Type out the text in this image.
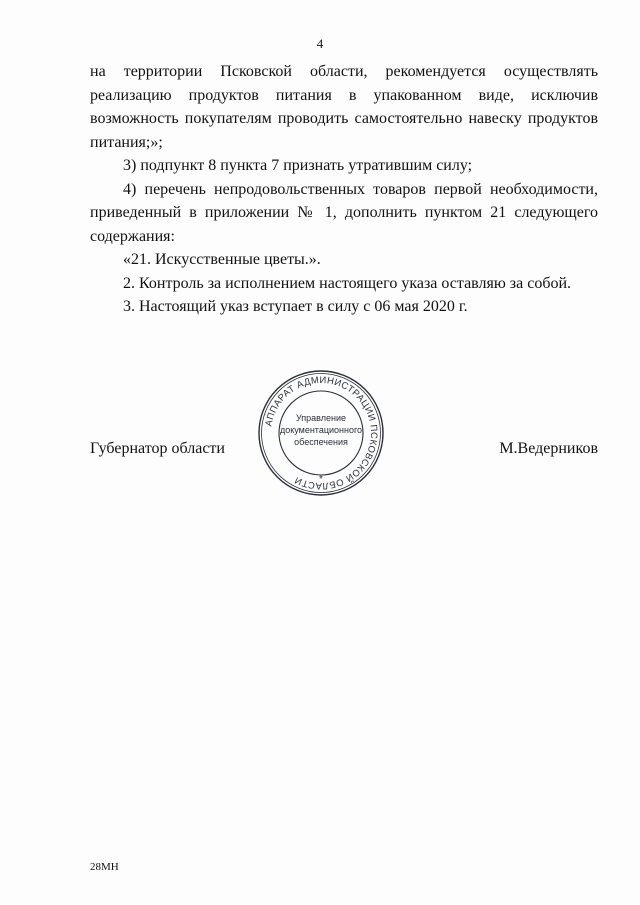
4
на территории Псковской области, рекомендуется осуществлять
реализацию продуктов питания в упакованном виде, исключив
возможность покупателям проводить самостоятельно навеску продуктов
питания;»;

3) подпункт 8 пункта 7 признать утратившим силу;

4) перечень непродовольственных товаров первой необходимости,
приведенный в приложении № 1, дополнить пунктом 21 следующего
содержания:

«21. Искусственные цветы.».

2. Контроль за исполнением настоящего указа оставляю за собой.

3. Настоящий указ вступает в силу с 06 мая 2020 г.

Губернатор области	М.Ведерников
АППАРАТ АДМИНИСТРАЦИИ ПСКОВСКОЙ ОБЛАСТИ
Управление
документационного
обеспечения
*
28МН
